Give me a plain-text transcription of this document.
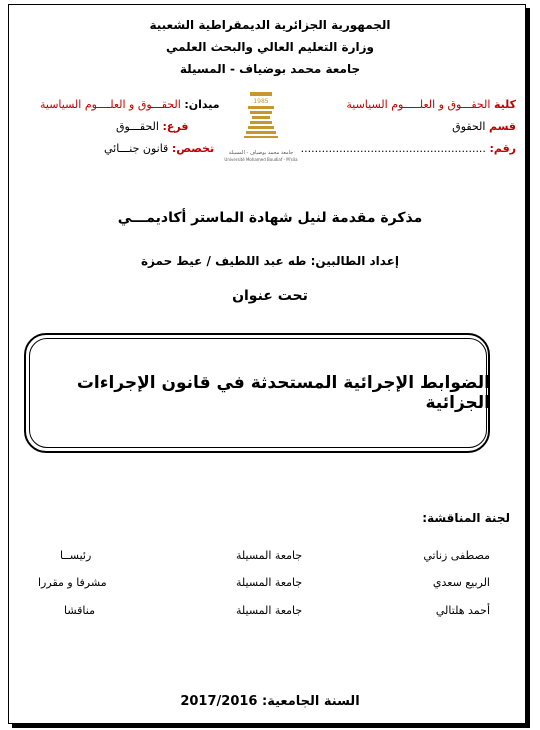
الجمهورية الجزائرية الديمقراطية الشعبية
وزارة التعليم العالي والبحث العلمي
جامعة محمد بوضياف - المسيلة
كلية الحقـــوق و العلـــــوم السياسية
قسم الحقوق
رقم: .....................................................
1985
جامعة محمد بوضياف - المسيلة
Université Mohamed Boudiaf - M'sila
ميدان: الحقـــوق و العلــــوم السياسية
فرع: الحقـــوق
تخصص: قانون جنـــائي
مذكرة مقدمة لنيل شهادة الماستر أكاديمـــي
إعداد الطالبين: طه عبد اللطيف / عيط حمزة
تحت عنوان
الضوابط الإجرائية المستحدثة في قانون الإجراءات الجزائية
لجنة المناقشة:
مصطفى زناتي
جامعة المسيلة
رئيســا
الربيع سعدي
جامعة المسيلة
مشرفا و مقررا
أحمد هلتالي
جامعة المسيلة
مناقشا
السنة الجامعية: 2017/2016
